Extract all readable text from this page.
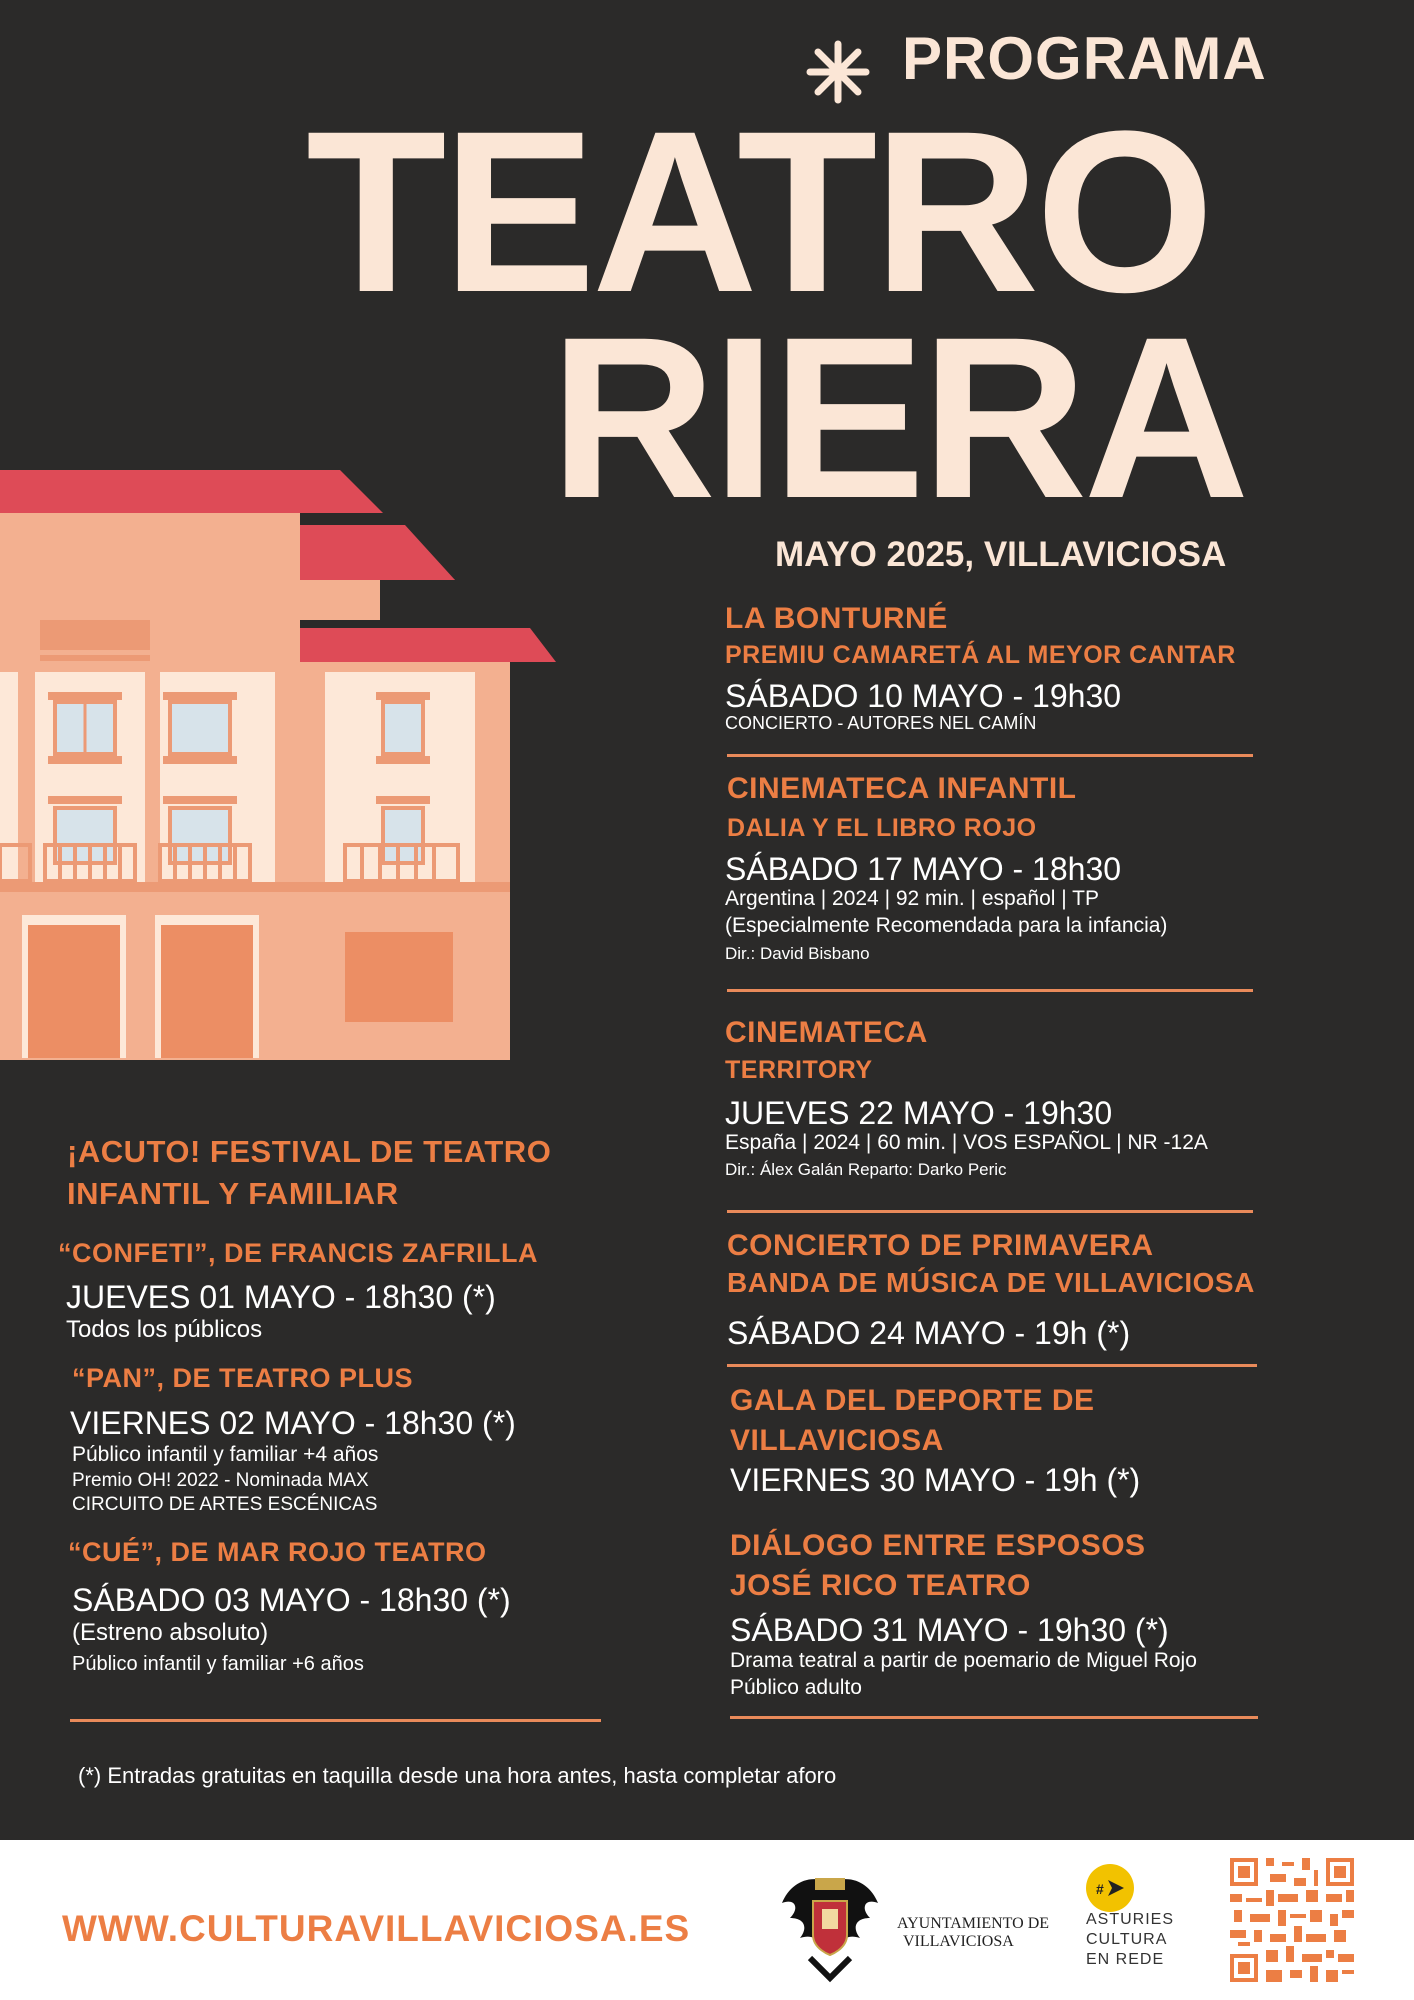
PROGRAMA
TEATRO
RIERA
MAYO 2025, VILLAVICIOSA
¡ACUTO! FESTIVAL DE TEATRO
INFANTIL Y FAMILIAR
“CONFETI”, DE FRANCIS ZAFRILLA
JUEVES 01 MAYO - 18h30 (*)
Todos los públicos
“PAN”, DE TEATRO PLUS
VIERNES 02 MAYO - 18h30 (*)
Público infantil y familiar +4 años
Premio OH! 2022 - Nominada MAX
CIRCUITO DE ARTES ESCÉNICAS
“CUÉ”, DE MAR ROJO TEATRO
SÁBADO 03 MAYO - 18h30 (*)
(Estreno absoluto)
Público infantil y familiar +6 años
LA BONTURNÉ
PREMIU CAMARETÁ AL MEYOR CANTAR
SÁBADO 10 MAYO - 19h30
CONCIERTO - AUTORES NEL CAMÍN
CINEMATECA INFANTIL
DALIA Y EL LIBRO ROJO
SÁBADO 17 MAYO - 18h30
Argentina | 2024 | 92 min. | español | TP
(Especialmente Recomendada para la infancia)
Dir.: David Bisbano
CINEMATECA
TERRITORY
JUEVES 22 MAYO - 19h30
España | 2024 | 60 min. | VOS ESPAÑOL | NR -12A
Dir.: Álex Galán Reparto: Darko Peric
CONCIERTO DE PRIMAVERA
BANDA DE MÚSICA DE VILLAVICIOSA
SÁBADO 24 MAYO - 19h (*)
GALA DEL DEPORTE DE
VILLAVICIOSA
VIERNES 30 MAYO - 19h (*)
DIÁLOGO ENTRE ESPOSOS
JOSÉ RICO TEATRO
SÁBADO 31 MAYO - 19h30 (*)
Drama teatral a partir de poemario de Miguel Rojo
Público adulto
(*) Entradas gratuitas en taquilla desde una hora antes, hasta completar aforo
WWW.CULTURAVILLAVICIOSA.ES	AYUNTAMIENTO DE
VILLAVICIOSA
#
ASTURIES
CULTURA
EN REDE
